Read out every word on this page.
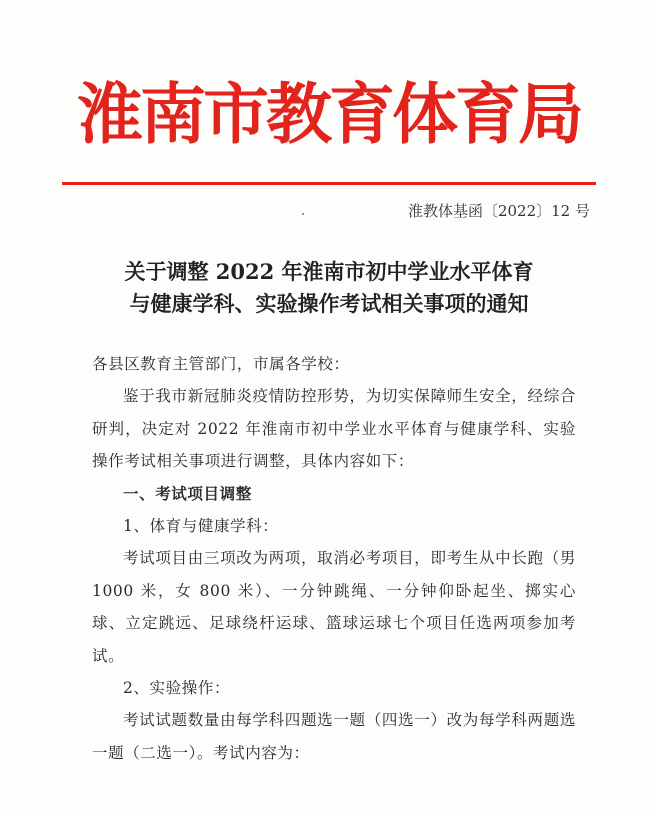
淮南市教育体育局
淮教体基函〔2022〕12 号
关于调整 2022 年淮南市初中学业水平体育
与健康学科、实验操作考试相关事项的通知

各县区教育主管部门，市属各学校：

鉴于我市新冠肺炎疫情防控形势，为切实保障师生安全，经综合研判，决定对 2022 年淮南市初中学业水平体育与健康学科、实验操作考试相关事项进行调整，具体内容如下：

一、考试项目调整

1、体育与健康学科：

考试项目由三项改为两项，取消必考项目，即考生从中长跑（男 1000 米，女 800 米）、一分钟跳绳、一分钟仰卧起坐、掷实心球、立定跳远、足球绕杆运球、篮球运球七个项目任选两项参加考试。

2、实验操作：

考试试题数量由每学科四题选一题（四选一）改为每学科两题选一题（二选一）。考试内容为：
